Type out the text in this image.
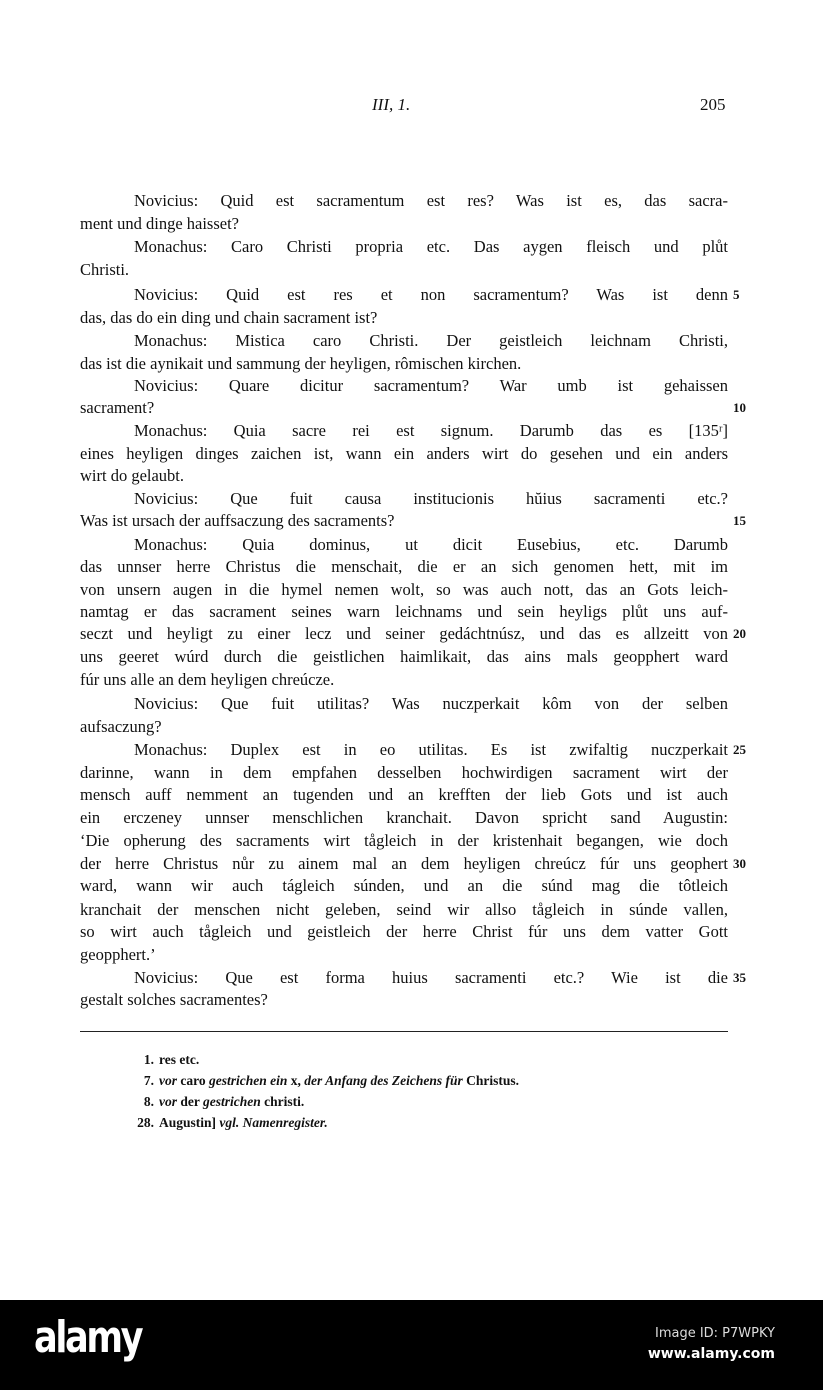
III, 1.	205
Novicius: Quid est sacramentum est res? Was ist es, das sacra-
ment und dinge haisset?
Monachus: Caro Christi propria etc. Das aygen fleisch und plůt
Christi.
Novicius: Quid est res et non sacramentum? Was ist denn 5
das, das do ein ding und chain sacrament ist?
Monachus: Mistica caro Christi. Der geistleich leichnam Christi,
das ist die aynikait und sammung der heyligen, rômischen kirchen.
Novicius: Quare dicitur sacramentum? War umb ist gehaissen
sacrament?	10
Monachus: Quia sacre rei est signum. Darumb das es [135ʳ]
eines heyligen dinges zaichen ist, wann ein anders wirt do gesehen und ein anders
wirt do gelaubt.
Novicius: Que fuit causa institucionis hŭius sacramenti etc.?
Was ist ursach der auffsaczung des sacraments?	15
Monachus: Quia dominus, ut dicit Eusebius, etc. Darumb
das unnser herre Christus die menschait, die er an sich genomen hett, mit im
von unsern augen in die hymel nemen wolt, so was auch nott, das an Gots leich-
namtag er das sacrament seines warn leichnams und sein heyligs plůt uns auf-
seczt und heyligt zu einer lecz und seiner gedáchtnúsz, und das es allzeitt von 20
uns geeret wúrd durch die geistlichen haimlikait, das ains mals geopphert ward
fúr uns alle an dem heyligen chreúcze.
Novicius: Que fuit utilitas? Was nuczperkait kôm von der selben
aufsaczung?
Monachus: Duplex est in eo utilitas. Es ist zwifaltig nuczperkait 25
darinne, wann in dem empfahen desselben hochwirdigen sacrament wirt der
mensch auff nemment an tugenden und an krefften der lieb Gots und ist auch
ein erczeney unnser menschlichen kranchait. Davon spricht sand Augustin:
‘Die opherung des sacraments wirt tågleich in der kristenhait begangen, wie doch
der herre Christus nůr zu ainem mal an dem heyligen chreúcz fúr uns geophert 30
ward, wann wir auch tágleich súnden, und an die súnd mag die tôtleich
kranchait der menschen nicht geleben, seind wir allso tågleich in súnde vallen,
so wirt auch tågleich und geistleich der herre Christ fúr uns dem vatter Gott
geopphert.’
Novicius: Que est forma huius sacramenti etc.? Wie ist die 35
gestalt solches sacramentes?
1. res etc.
7. vor caro gestrichen ein x, der Anfang des Zeichens für Christus.
8. vor der gestrichen christi.
28. Augustin] vgl. Namenregister.
alamy	Image ID: P7WPKY
www.alamy.com
